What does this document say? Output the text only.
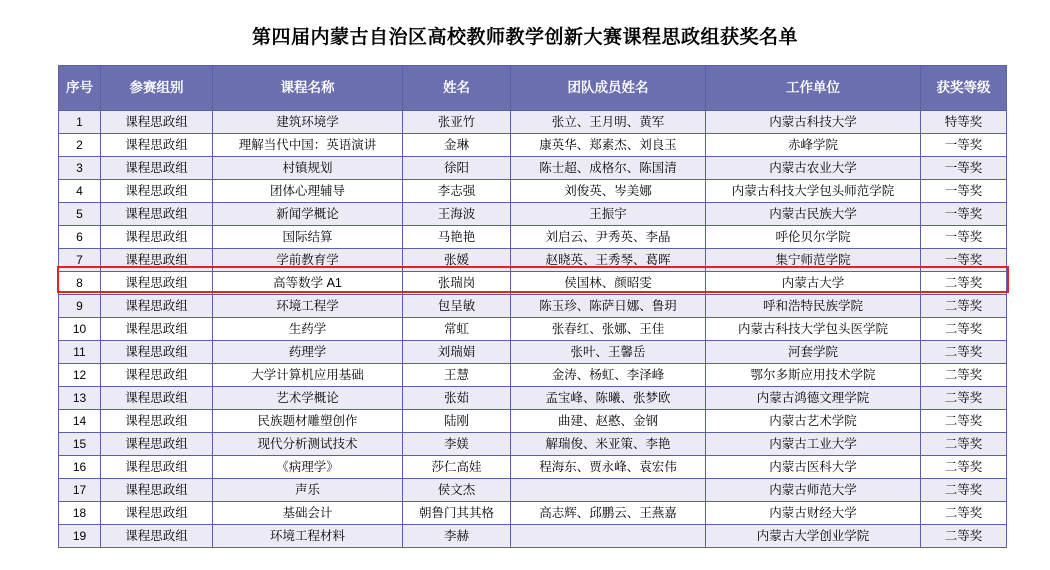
第四届内蒙古自治区高校教师教学创新大赛课程思政组获奖名单
序号	参赛组别	课程名称	姓名	团队成员姓名	工作单位	获奖等级
1	课程思政组	建筑环境学	张亚竹	张立、王月明、黄军	内蒙古科技大学	特等奖
2	课程思政组	理解当代中国：英语演讲	金琳	康英华、郑素杰、刘良玉	赤峰学院	一等奖
3	课程思政组	村镇规划	徐阳	陈士超、成格尔、陈国清	内蒙古农业大学	一等奖
4	课程思政组	团体心理辅导	李志强	刘俊英、岑美娜	内蒙古科技大学包头师范学院	一等奖
5	课程思政组	新闻学概论	王海波	王振宇	内蒙古民族大学	一等奖
6	课程思政组	国际结算	马艳艳	刘启云、尹秀英、李晶	呼伦贝尔学院	一等奖
7	课程思政组	学前教育学	张媛	赵晓英、王秀琴、葛晖	集宁师范学院	一等奖
8	课程思政组	高等数学 A1	张瑞岗	侯国林、颜昭雯	内蒙古大学	二等奖
9	课程思政组	环境工程学	包呈敏	陈玉珍、陈萨日娜、鲁玥	呼和浩特民族学院	二等奖
10	课程思政组	生药学	常虹	张春红、张娜、王佳	内蒙古科技大学包头医学院	二等奖
11	课程思政组	药理学	刘瑞娟	张叶、王馨岳	河套学院	二等奖
12	课程思政组	大学计算机应用基础	王慧	金涛、杨虹、李泽峰	鄂尔多斯应用技术学院	二等奖
13	课程思政组	艺术学概论	张茹	孟宝峰、陈曦、张梦欧	内蒙古鸿德文理学院	二等奖
14	课程思政组	民族题材雕塑创作	陆刚	曲建、赵憨、金钢	内蒙古艺术学院	二等奖
15	课程思政组	现代分析测试技术	李媄	解瑞俊、米亚策、李艳	内蒙古工业大学	二等奖
16	课程思政组	《病理学》	莎仁高娃	程海东、贾永峰、袁宏伟	内蒙古医科大学	二等奖
17	课程思政组	声乐	侯文杰		内蒙古师范大学	二等奖
18	课程思政组	基础会计	朝鲁门其其格	高志辉、邱鹏云、王燕嘉	内蒙古财经大学	二等奖
19	课程思政组	环境工程材料	李赫		内蒙古大学创业学院	二等奖
